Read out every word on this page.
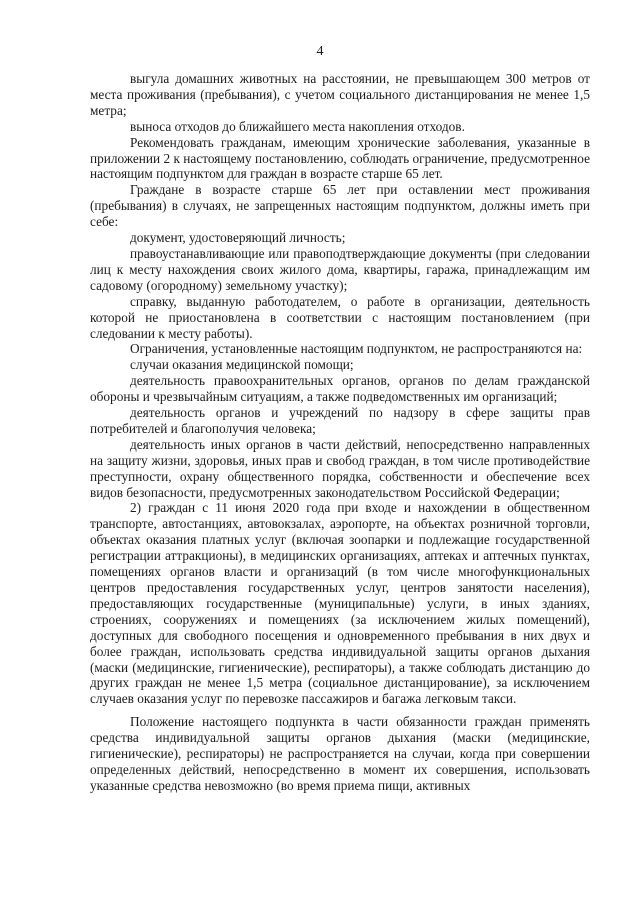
4

выгула домашних животных на расстоянии, не превышающем 300 метров от места проживания (пребывания), с учетом социального дистанцирования не менее 1,5 метра;

выноса отходов до ближайшего места накопления отходов.

Рекомендовать гражданам, имеющим хронические заболевания, указанные в приложении 2 к настоящему постановлению, соблюдать ограничение, предусмотренное настоящим подпунктом для граждан в возрасте старше 65 лет.

Граждане в возрасте старше 65 лет при оставлении мест проживания (пребывания) в случаях, не запрещенных настоящим подпунктом, должны иметь при себе:

документ, удостоверяющий личность;

правоустанавливающие или правоподтверждающие документы (при следовании лиц к месту нахождения своих жилого дома, квартиры, гаража, принадлежащим им садовому (огородному) земельному участку);

справку, выданную работодателем, о работе в организации, деятельность которой не приостановлена в соответствии с настоящим постановлением (при следовании к месту работы).

Ограничения, установленные настоящим подпунктом, не распространяются на:

случаи оказания медицинской помощи;

деятельность правоохранительных органов, органов по делам гражданской обороны и чрезвычайным ситуациям, а также подведомственных им организаций;

деятельность органов и учреждений по надзору в сфере защиты прав потребителей и благополучия человека;

деятельность иных органов в части действий, непосредственно направленных на защиту жизни, здоровья, иных прав и свобод граждан, в том числе противодействие преступности, охрану общественного порядка, собственности и обеспечение всех видов безопасности, предусмотренных законодательством Российской Федерации;

2) граждан с 11 июня 2020 года при входе и нахождении в общественном транспорте, автостанциях, автовокзалах, аэропорте, на объектах розничной торговли, объектах оказания платных услуг (включая зоопарки и подлежащие государственной регистрации аттракционы), в медицинских организациях, аптеках и аптечных пунктах, помещениях органов власти и организаций (в том числе многофункциональных центров предоставления государственных услуг, центров занятости населения), предоставляющих государственные (муниципальные) услуги, в иных зданиях, строениях, сооружениях и помещениях (за исключением жилых помещений), доступных для свободного посещения и одновременного пребывания в них двух и более граждан, использовать средства индивидуальной защиты органов дыхания (маски (медицинские, гигиенические), респираторы), а также соблюдать дистанцию до других граждан не менее 1,5 метра (социальное дистанцирование), за исключением случаев оказания услуг по перевозке пассажиров и багажа легковым такси.

Положение настоящего подпункта в части обязанности граждан применять средства индивидуальной защиты органов дыхания (маски (медицинские, гигиенические), респираторы) не распространяется на случаи, когда при совершении определенных действий, непосредственно в момент их совершения, использовать указанные средства невозможно (во время приема пищи, активных
